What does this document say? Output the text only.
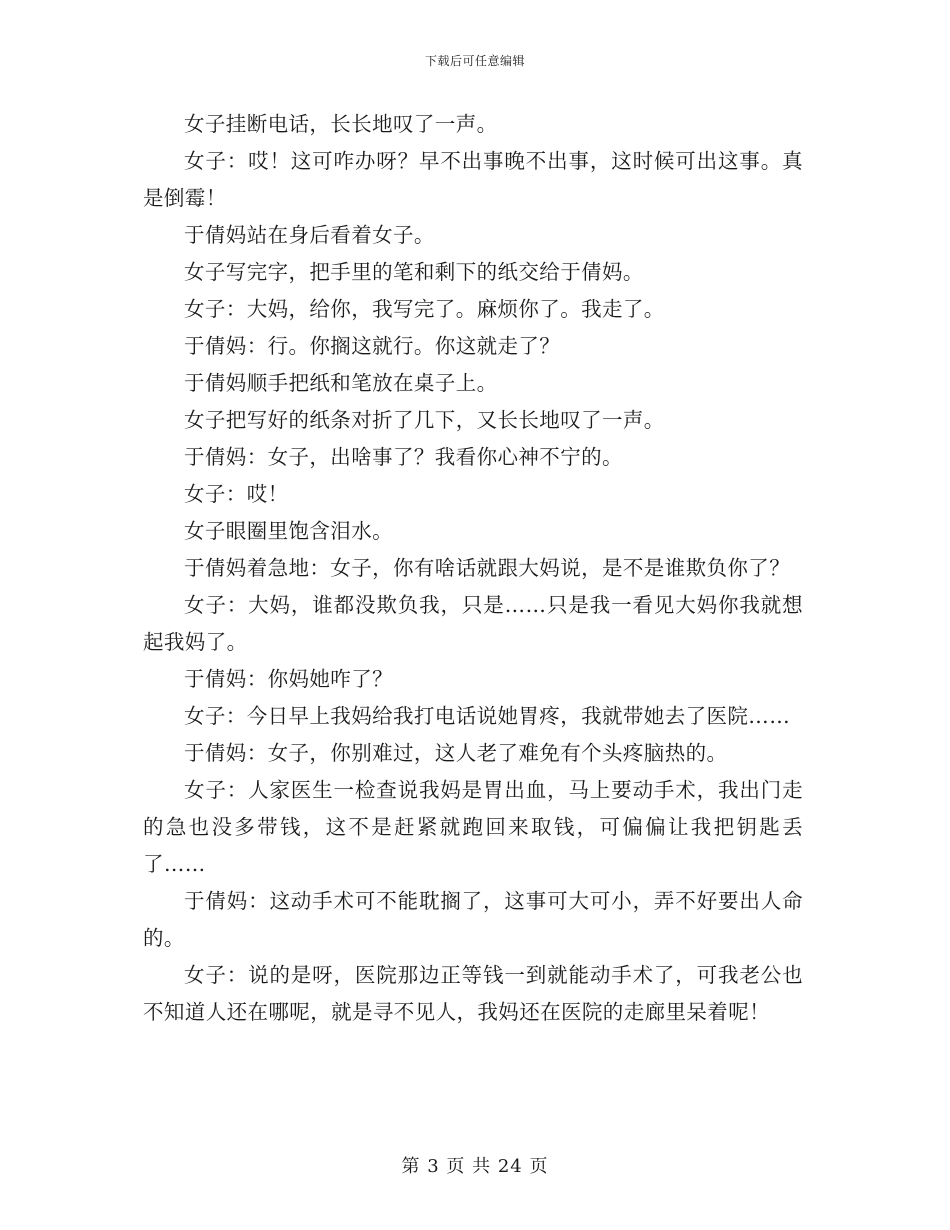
下载后可任意编辑

女子挂断电话，长长地叹了一声。

女子：哎！这可咋办呀？早不出事晚不出事，这时候可出这事。真是倒霉！

于倩妈站在身后看着女子。

女子写完字，把手里的笔和剩下的纸交给于倩妈。

女子：大妈，给你，我写完了。麻烦你了。我走了。

于倩妈：行。你搁这就行。你这就走了？

于倩妈顺手把纸和笔放在桌子上。

女子把写好的纸条对折了几下，又长长地叹了一声。

于倩妈：女子，出啥事了？我看你心神不宁的。

女子：哎！

女子眼圈里饱含泪水。

于倩妈着急地：女子，你有啥话就跟大妈说，是不是谁欺负你了？

女子：大妈，谁都没欺负我，只是……只是我一看见大妈你我就想起我妈了。

于倩妈：你妈她咋了？

女子：今日早上我妈给我打电话说她胃疼，我就带她去了医院……

于倩妈：女子，你别难过，这人老了难免有个头疼脑热的。

女子：人家医生一检查说我妈是胃出血，马上要动手术，我出门走的急也没多带钱，这不是赶紧就跑回来取钱，可偏偏让我把钥匙丢了……

于倩妈：这动手术可不能耽搁了，这事可大可小，弄不好要出人命的。

女子：说的是呀，医院那边正等钱一到就能动手术了，可我老公也不知道人还在哪呢，就是寻不见人，我妈还在医院的走廊里呆着呢！

第 3 页 共 24 页
